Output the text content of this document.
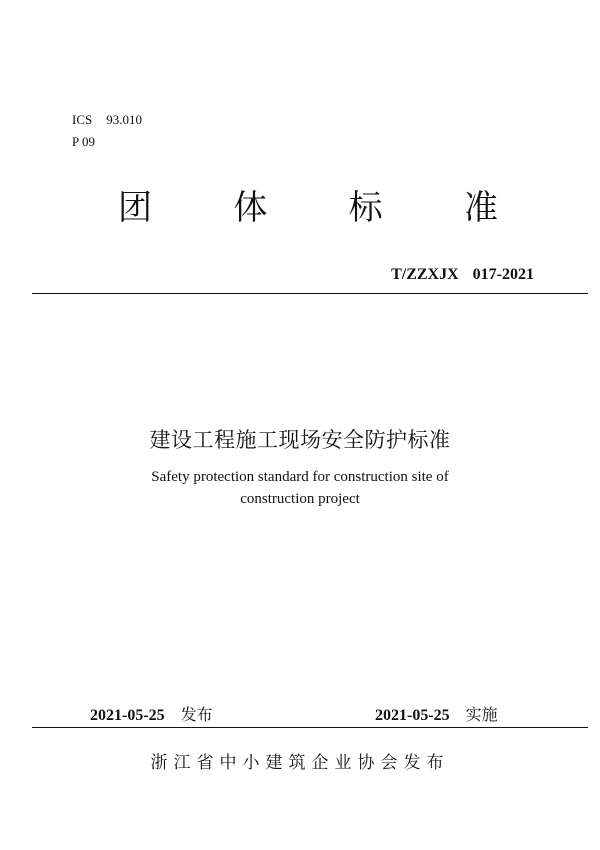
ICS 93.010
P 09
团 体 标 准
T/ZZXJX 017-2021
建设工程施工现场安全防护标准
Safety protection standard for construction site of
construction project
2021-05-25 发布	2021-05-25 实施
浙江省中小建筑企业协会发布
